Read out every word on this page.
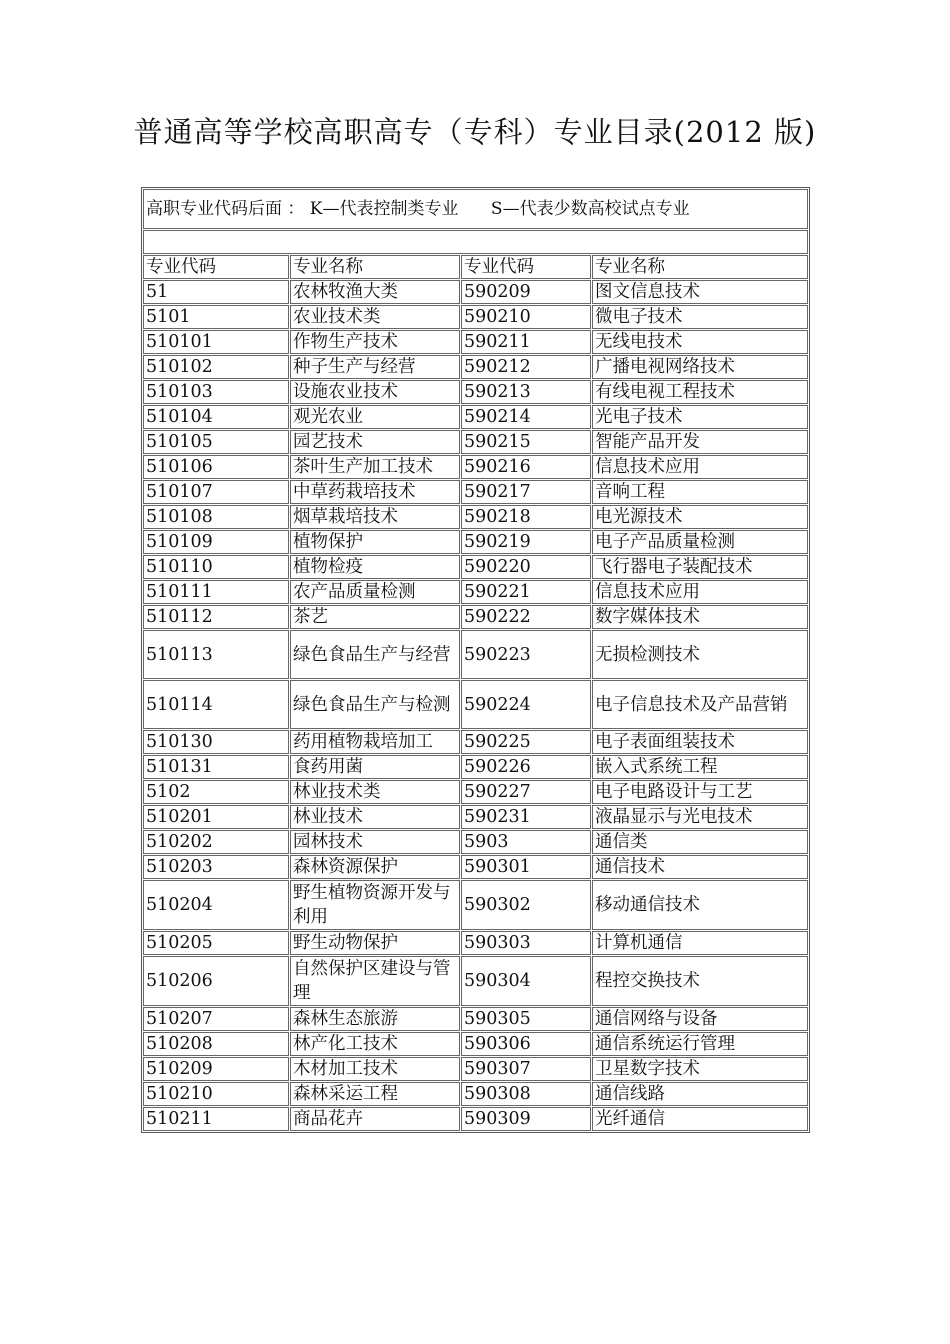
普通高等学校高职高专（专科）专业目录(2012 版)
高职专业代码后面 ： K—代表控制类专业      S—代表少数高校试点专业			

专业代码	专业名称	专业代码	专业名称
51	农林牧渔大类	590209	图文信息技术
5101	农业技术类	590210	微电子技术
510101	作物生产技术	590211	无线电技术
510102	种子生产与经营	590212	广播电视网络技术
510103	设施农业技术	590213	有线电视工程技术
510104	观光农业	590214	光电子技术
510105	园艺技术	590215	智能产品开发
510106	茶叶生产加工技术	590216	信息技术应用
510107	中草药栽培技术	590217	音响工程
510108	烟草栽培技术	590218	电光源技术
510109	植物保护	590219	电子产品质量检测
510110	植物检疫	590220	飞行器电子装配技术
510111	农产品质量检测	590221	信息技术应用
510112	茶艺	590222	数字媒体技术
510113	绿色食品生产与经营	590223	无损检测技术
510114	绿色食品生产与检测	590224	电子信息技术及产品营销
510130	药用植物栽培加工	590225	电子表面组装技术
510131	食药用菌	590226	嵌入式系统工程
5102	林业技术类	590227	电子电路设计与工艺
510201	林业技术	590231	液晶显示与光电技术
510202	园林技术	5903	通信类
510203	森林资源保护	590301	通信技术
510204	野生植物资源开发与利用	590302	移动通信技术
510205	野生动物保护	590303	计算机通信
510206	自然保护区建设与管理	590304	程控交换技术
510207	森林生态旅游	590305	通信网络与设备
510208	林产化工技术	590306	通信系统运行管理
510209	木材加工技术	590307	卫星数字技术
510210	森林采运工程	590308	通信线路
510211	商品花卉	590309	光纤通信
